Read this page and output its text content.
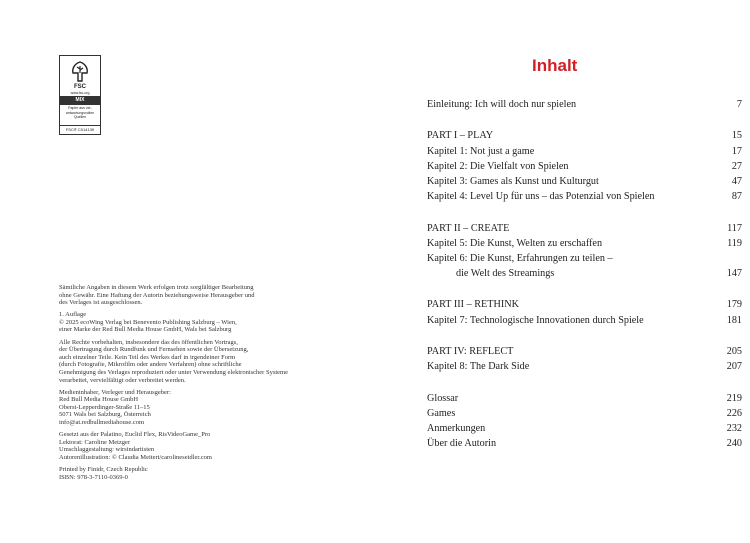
FSC
www.fsc.org
MIX
Papier aus ver-
antwortungsvollen
Quellen
FSC® C014139

Sämtliche Angaben in diesem Werk erfolgen trotz sorgfältiger Bearbeitung
ohne Gewähr. Eine Haftung der Autorin beziehungsweise Herausgeber und
des Verlages ist ausgeschlossen.

1. Auflage
© 2025 ecoWing Verlag bei Benevento Publishing Salzburg – Wien,
einer Marke der Red Bull Media House GmbH, Wals bei Salzburg

Alle Rechte vorbehalten, insbesondere das des öffentlichen Vortrags,
der Übertragung durch Rundfunk und Fernsehen sowie der Übersetzung,
auch einzelner Teile. Kein Teil des Werkes darf in irgendeiner Form
(durch Fotografie, Mikrofilm oder andere Verfahren) ohne schriftliche
Genehmigung des Verlages reproduziert oder unter Verwendung elektronischer Systeme
verarbeitet, vervielfältigt oder verbreitet werden.

Medieninhaber, Verleger und Herausgeber:
Red Bull Media House GmbH
Oberst-Lepperdinger-Straße 11–15
5071 Wals bei Salzburg, Österreich
info@at.redbullmediahouse.com

Gesetzt aus der Palatino, Euclid Flex, RisVideoGame_Pro
Lektorat: Caroline Metzger
Umschlaggestaltung: wirsindartisten
Autorenillustration: © Claudia Meitert/carolineseidler.com

Printed by Finidr, Czech Republic
ISBN: 978-3-7110-0369-0

Inhalt
Einleitung: Ich will doch nur spielen	7
PART I – PLAY	15
Kapitel 1: Not just a game	17
Kapitel 2: Die Vielfalt von Spielen	27
Kapitel 3: Games als Kunst und Kulturgut	47
Kapitel 4: Level Up für uns – das Potenzial von Spielen	87
PART II – CREATE	117
Kapitel 5: Die Kunst, Welten zu erschaffen	119
Kapitel 6: Die Kunst, Erfahrungen zu teilen –
die Welt des Streamings	147
PART III – RETHINK	179
Kapitel 7: Technologische Innovationen durch Spiele	181
PART IV: REFLECT	205
Kapitel 8: The Dark Side	207
Glossar	219
Games	226
Anmerkungen	232
Über die Autorin	240
